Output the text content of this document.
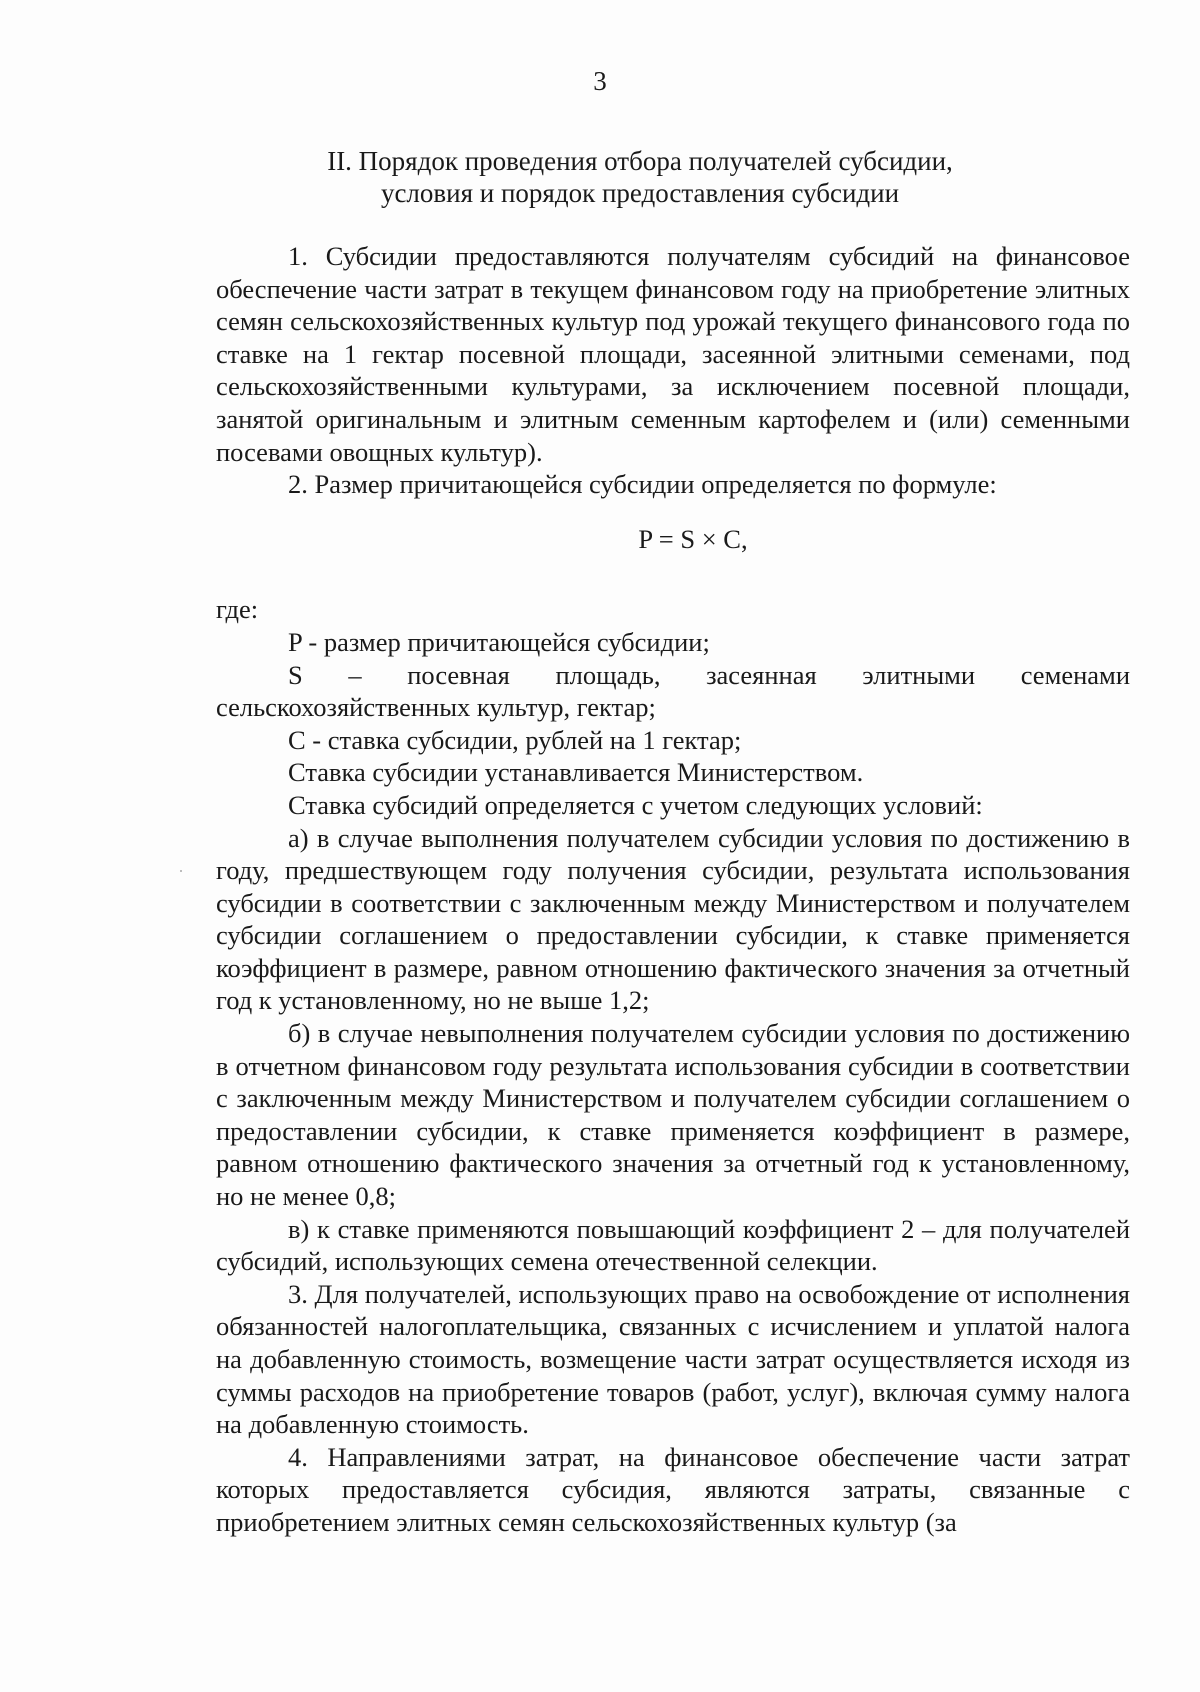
3
II. Порядок проведения отбора получателей субсидии,
условия и порядок предоставления субсидии

1. Субсидии предоставляются получателям субсидий на финансовое обеспечение части затрат в текущем финансовом году на приобретение элитных семян сельскохозяйственных культур под урожай текущего финансового года по ставке на 1 гектар посевной площади, засеянной элитными семенами, под сельскохозяйственными культурами, за исключением посевной площади, занятой оригинальным и элитным семенным картофелем и (или) семенными посевами овощных культур).

2. Размер причитающейся субсидии определяется по формуле:

P = S × C,

где:

P - размер причитающейся субсидии;

S – посевная площадь, засеянная элитными семенами сельскохозяйственных культур, гектар;

С - ставка субсидии, рублей на 1 гектар;

Ставка субсидии устанавливается Министерством.

Ставка субсидий определяется с учетом следующих условий:

а) в случае выполнения получателем субсидии условия по достижению в году, предшествующем году получения субсидии, результата использования субсидии в соответствии с заключенным между Министерством и получателем субсидии соглашением о предоставлении субсидии, к ставке применяется коэффициент в размере, равном отношению фактического значения за отчетный год к установленному, но не выше 1,2;

б) в случае невыполнения получателем субсидии условия по достижению в отчетном финансовом году результата использования субсидии в соответствии с заключенным между Министерством и получателем субсидии соглашением о предоставлении субсидии, к ставке применяется коэффициент в размере, равном отношению фактического значения за отчетный год к установленному, но не менее 0,8;

в) к ставке применяются повышающий коэффициент 2 – для получателей субсидий, использующих семена отечественной селекции.

3. Для получателей, использующих право на освобождение от исполнения обязанностей налогоплательщика, связанных с исчислением и уплатой налога на добавленную стоимость, возмещение части затрат осуществляется исходя из суммы расходов на приобретение товаров (работ, услуг), включая сумму налога на добавленную стоимость.

4. Направлениями затрат, на финансовое обеспечение части затрат которых предоставляется субсидия, являются затраты, связанные с приобретением элитных семян сельскохозяйственных культур (за
